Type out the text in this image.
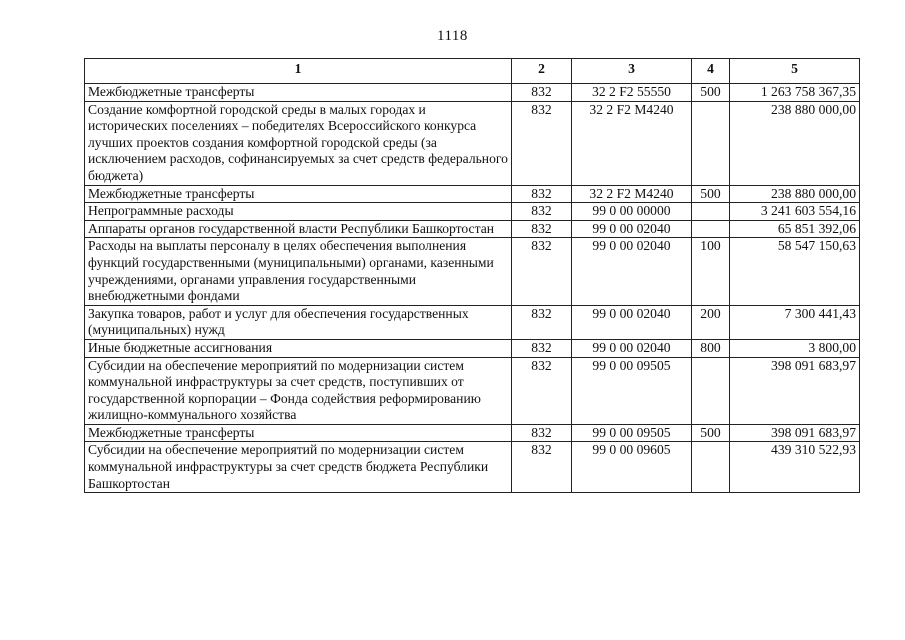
1118
1	2	3	4	5
Межбюджетные трансферты	832	32 2 F2 55550	500	1 263 758 367,35
Создание комфортной городской среды в малых городах и исторических поселениях – победителях Всероссийского конкурса лучших проектов создания комфортной городской среды (за исключением расходов, софинансируемых за счет средств федерального бюджета)	832	32 2 F2 М4240		238 880 000,00
Межбюджетные трансферты	832	32 2 F2 М4240	500	238 880 000,00
Непрограммные расходы	832	99 0 00 00000		3 241 603 554,16
Аппараты органов государственной власти Республики Башкортостан	832	99 0 00 02040		65 851 392,06
Расходы на выплаты персоналу в целях обеспечения выполнения функций государственными (муниципальными) органами, казенными учреждениями, органами управления государственными внебюджетными фондами	832	99 0 00 02040	100	58 547 150,63
Закупка товаров, работ и услуг для обеспечения государственных (муниципальных) нужд	832	99 0 00 02040	200	7 300 441,43
Иные бюджетные ассигнования	832	99 0 00 02040	800	3 800,00
Субсидии на обеспечение мероприятий по модернизации систем коммунальной инфраструктуры за счет средств, поступивших от государственной корпорации – Фонда содействия реформированию жилищно-коммунального хозяйства	832	99 0 00 09505		398 091 683,97
Межбюджетные трансферты	832	99 0 00 09505	500	398 091 683,97
Субсидии на обеспечение мероприятий по модернизации систем коммунальной инфраструктуры за счет средств бюджета Республики Башкортостан	832	99 0 00 09605		439 310 522,93
